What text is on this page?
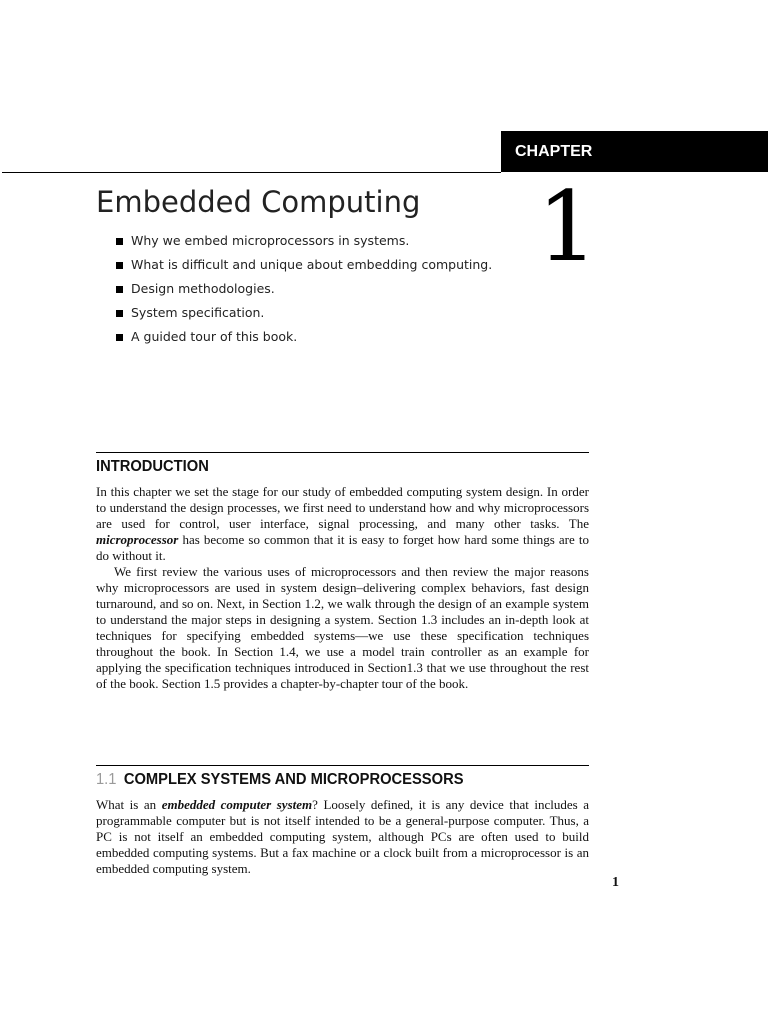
CHAPTER
1
Embedded Computing
Why we embed microprocessors in systems.
What is difficult and unique about embedding computing.
Design methodologies.
System specification.
A guided tour of this book.
INTRODUCTION

In this chapter we set the stage for our study of embedded computing system design. In order to understand the design processes, we first need to understand how and why microprocessors are used for control, user interface, signal processing, and many other tasks. The microprocessor has become so common that it is easy to forget how hard some things are to do without it.

We first review the various uses of microprocessors and then review the major reasons why microprocessors are used in system design–delivering complex behaviors, fast design turnaround, and so on. Next, in Section 1.2, we walk through the design of an example system to understand the major steps in designing a system. Section 1.3 includes an in-depth look at techniques for specifying embedded systems—we use these specification techniques throughout the book. In Section 1.4, we use a model train controller as an example for applying the specification techniques introduced in Section1.3 that we use throughout the rest of the book. Section 1.5 provides a chapter-by-chapter tour of the book.

1.1 COMPLEX SYSTEMS AND MICROPROCESSORS

What is an embedded computer system? Loosely defined, it is any device that includes a programmable computer but is not itself intended to be a general-purpose computer. Thus, a PC is not itself an embedded computing system, although PCs are often used to build embedded computing systems. But a fax machine or a clock built from a microprocessor is an embedded computing system.

1
